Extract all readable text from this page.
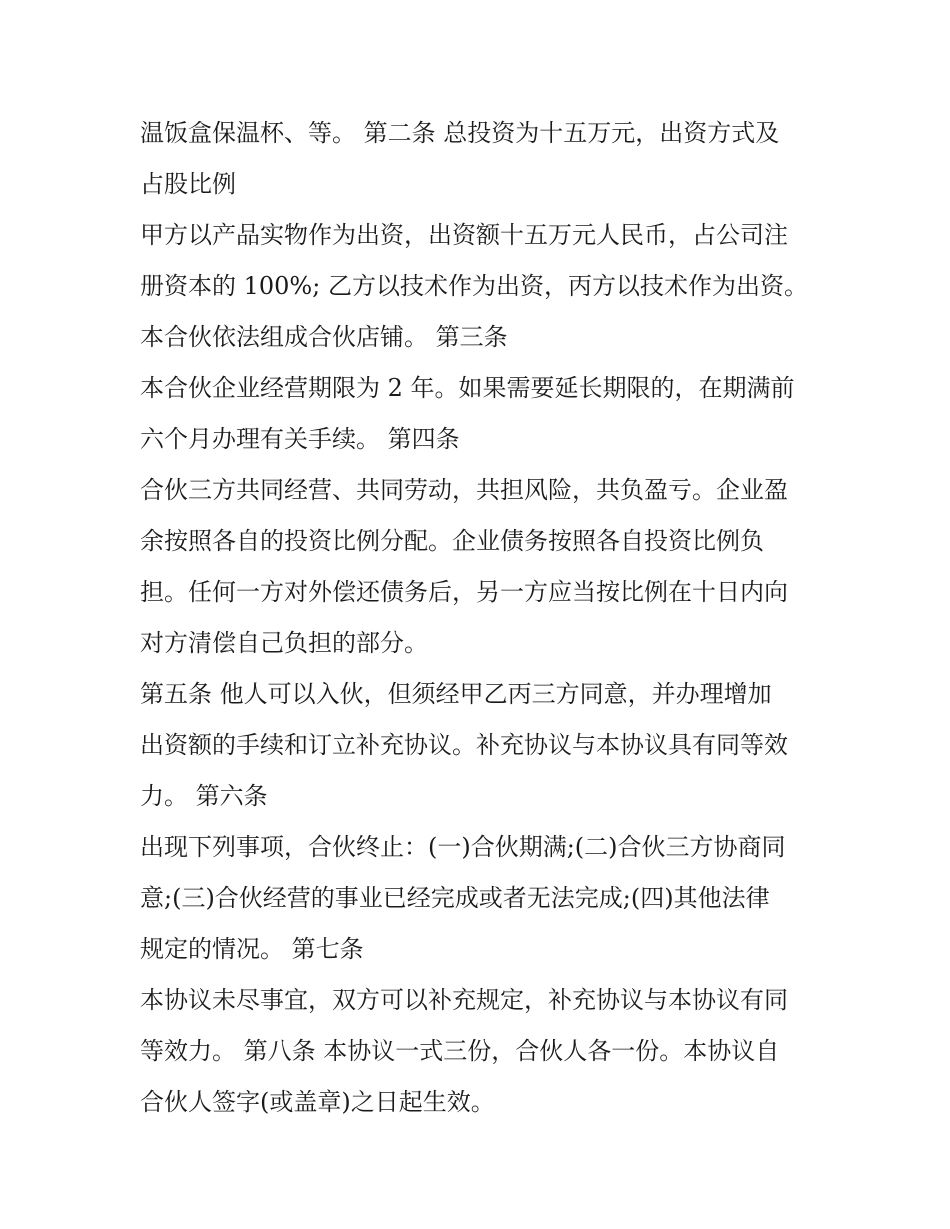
温饭盒保温杯、等。 第二条 总投资为十五万元，出资方式及
占股比例
甲方以产品实物作为出资，出资额十五万元人民币，占公司注
册资本的 100%; 乙方以技术作为出资，丙方以技术作为出资。
本合伙依法组成合伙店铺。 第三条
本合伙企业经营期限为 2 年。如果需要延长期限的，在期满前
六个月办理有关手续。 第四条
合伙三方共同经营、共同劳动，共担风险，共负盈亏。企业盈
余按照各自的投资比例分配。企业债务按照各自投资比例负
担。任何一方对外偿还债务后，另一方应当按比例在十日内向
对方清偿自己负担的部分。
第五条 他人可以入伙，但须经甲乙丙三方同意，并办理增加
出资额的手续和订立补充协议。补充协议与本协议具有同等效
力。 第六条
出现下列事项，合伙终止：(一)合伙期满;(二)合伙三方协商同
意;(三)合伙经营的事业已经完成或者无法完成;(四)其他法律
规定的情况。 第七条
本协议未尽事宜，双方可以补充规定，补充协议与本协议有同
等效力。 第八条 本协议一式三份，合伙人各一份。本协议自
合伙人签字(或盖章)之日起生效。
